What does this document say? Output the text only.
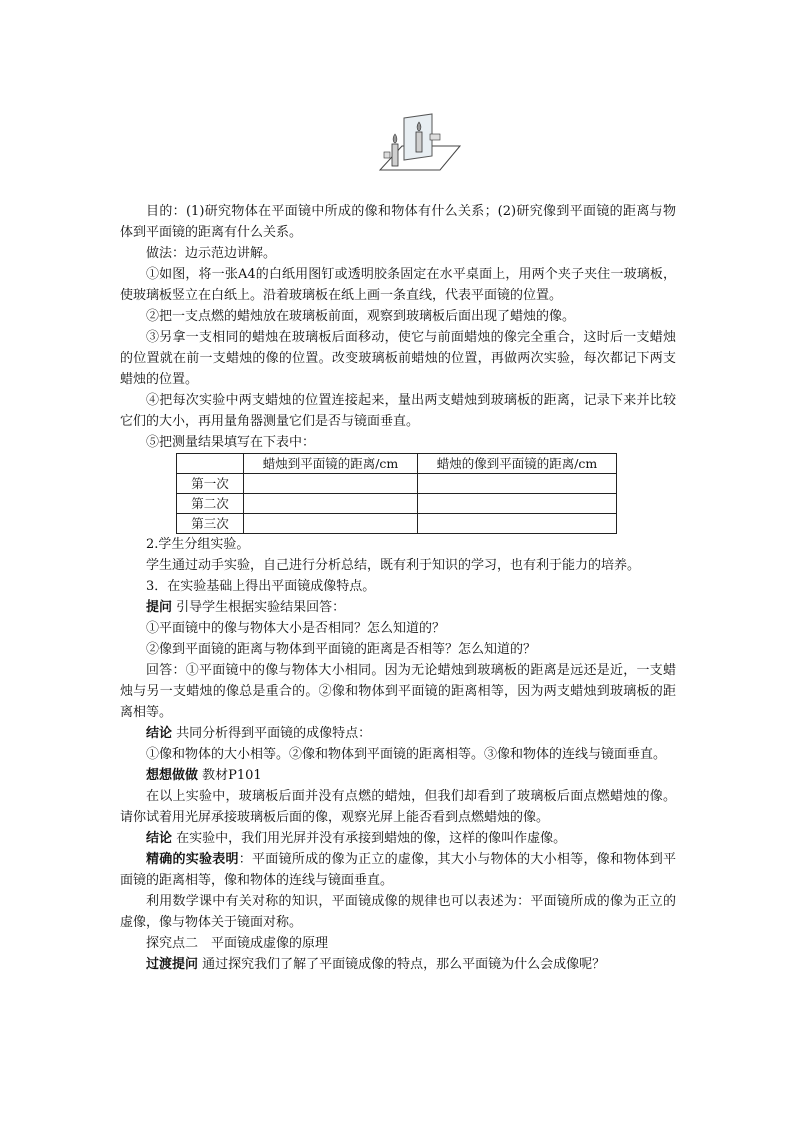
目的：(1)研究物体在平面镜中所成的像和物体有什么关系；(2)研究像到平面镜的距离与物体到平面镜的距离有什么关系。

做法：边示范边讲解。

①如图，将一张A4的白纸用图钉或透明胶条固定在水平桌面上，用两个夹子夹住一玻璃板，使玻璃板竖立在白纸上。沿着玻璃板在纸上画一条直线，代表平面镜的位置。

②把一支点燃的蜡烛放在玻璃板前面，观察到玻璃板后面出现了蜡烛的像。

③另拿一支相同的蜡烛在玻璃板后面移动，使它与前面蜡烛的像完全重合，这时后一支蜡烛的位置就在前一支蜡烛的像的位置。改变玻璃板前蜡烛的位置，再做两次实验，每次都记下两支蜡烛的位置。

④把每次实验中两支蜡烛的位置连接起来，量出两支蜡烛到玻璃板的距离，记录下来并比较它们的大小，再用量角器测量它们是否与镜面垂直。

⑤把测量结果填写在下表中：

	蜡烛到平面镜的距离/cm	蜡烛的像到平面镜的距离/cm
第一次		
第二次		
第三次		

2.学生分组实验。

学生通过动手实验，自己进行分析总结，既有利于知识的学习，也有利于能力的培养。

3．在实验基础上得出平面镜成像特点。

提问 引导学生根据实验结果回答：

①平面镜中的像与物体大小是否相同？怎么知道的？

②像到平面镜的距离与物体到平面镜的距离是否相等？怎么知道的？

回答：①平面镜中的像与物体大小相同。因为无论蜡烛到玻璃板的距离是远还是近，一支蜡烛与另一支蜡烛的像总是重合的。②像和物体到平面镜的距离相等，因为两支蜡烛到玻璃板的距离相等。

结论 共同分析得到平面镜的成像特点：

①像和物体的大小相等。②像和物体到平面镜的距离相等。③像和物体的连线与镜面垂直。

想想做做 教材P101

在以上实验中，玻璃板后面并没有点燃的蜡烛，但我们却看到了玻璃板后面点燃蜡烛的像。请你试着用光屏承接玻璃板后面的像，观察光屏上能否看到点燃蜡烛的像。

结论 在实验中，我们用光屏并没有承接到蜡烛的像，这样的像叫作虚像。

精确的实验表明：平面镜所成的像为正立的虚像，其大小与物体的大小相等，像和物体到平面镜的距离相等，像和物体的连线与镜面垂直。

利用数学课中有关对称的知识，平面镜成像的规律也可以表述为：平面镜所成的像为正立的虚像，像与物体关于镜面对称。

探究点二　平面镜成虚像的原理

过渡提问 通过探究我们了解了平面镜成像的特点，那么平面镜为什么会成像呢？
